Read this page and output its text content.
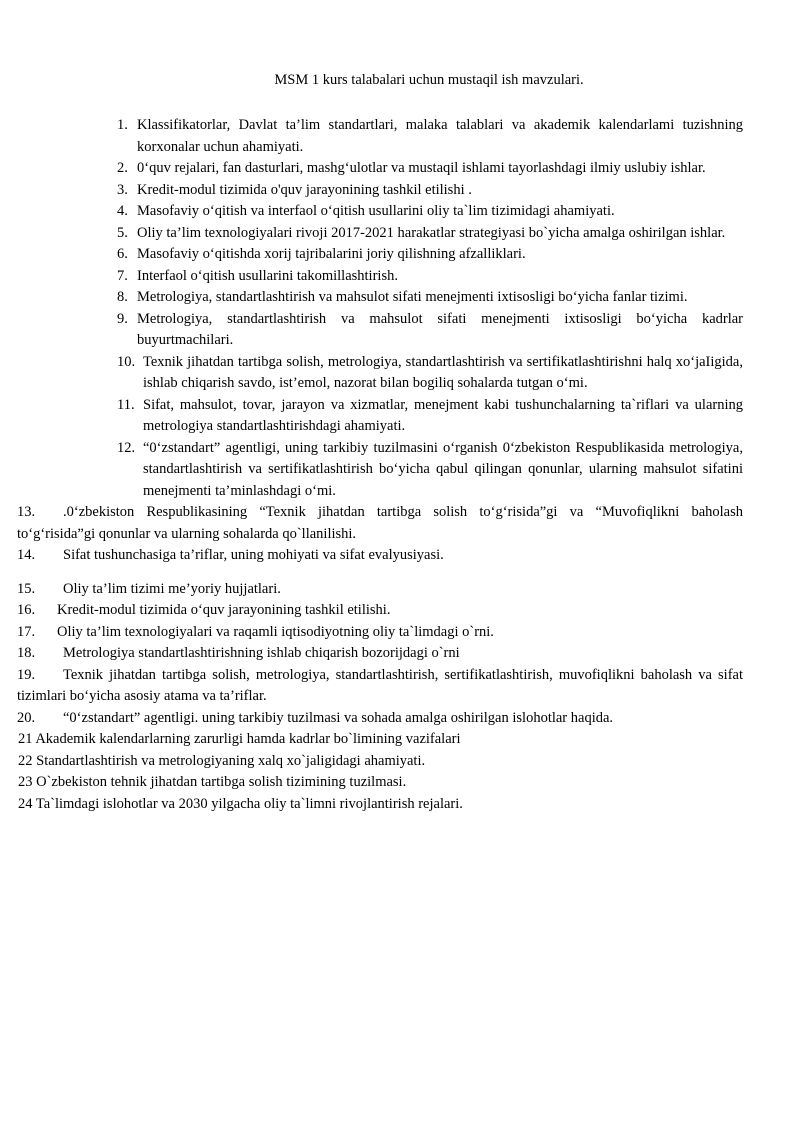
MSM 1 kurs talabalari uchun mustaqil ish mavzulari.
1. Klassifikatorlar, Davlat ta’lim standartlari, malaka talablari va akademik kalendarlami tuzishning korxonalar uchun ahamiyati.
2. 0‘quv rejalari, fan dasturlari, mashg‘ulotlar va mustaqil ishlami tayorlashdagi ilmiy uslubiy ishlar.
3. Kredit-modul tizimida o'quv jarayonining tashkil etilishi .
4. Masofaviy o‘qitish va interfaol o‘qitish usullarini oliy ta`lim tizimidagi ahamiyati.
5. Oliy ta’lim texnologiyalari rivoji 2017-2021 harakatlar strategiyasi bo`yicha amalga oshirilgan ishlar.
6. Masofaviy o‘qitishda xorij tajribalarini joriy qilishning afzalliklari.
7. Interfaol o‘qitish usullarini takomillashtirish.
8. Metrologiya, standartlashtirish va mahsulot sifati menejmenti ixtisosligi bo‘yicha fanlar tizimi.
9. Metrologiya, standartlashtirish va mahsulot sifati menejmenti ixtisosligi bo‘yicha kadrlar buyurtmachilari.
10. Texnik jihatdan tartibga solish, metrologiya, standartlashtirish va sertifikatlashtirishni halq xo‘jaIigida, ishlab chiqarish savdo, ist’emol, nazorat bilan bogiliq sohalarda tutgan o‘mi.
11. Sifat, mahsulot, tovar, jarayon va xizmatlar, menejment kabi tushunchalarning ta`riflari va ularning metrologiya standartlashtirishdagi ahamiyati.
12. “0‘zstandart” agentligi, uning tarkibiy tuzilmasini o‘rganish 0‘zbekiston Respublikasida metrologiya, standartlashtirish va sertifikatlashtirish bo‘yicha qabul qilingan qonunlar, ularning mahsulot sifatini menejmenti ta’minlashdagi o‘mi.
13. .0‘zbekiston Respublikasining “Texnik jihatdan tartibga solish to‘g‘risida”gi va “Muvofiqlikni baholash to‘g‘risida”gi qonunlar va ularning sohalarda qo`llanilishi.
14. Sifat tushunchasiga ta’riflar, uning mohiyati va sifat evalyusiyasi.
15. Oliy ta’lim tizimi me’yoriy hujjatlari.
16. Kredit-modul tizimida o‘quv jarayonining tashkil etilishi.
17. Oliy ta’lim texnologiyalari va raqamli iqtisodiyotning oliy ta`limdagi o`rni.
18. Metrologiya standartlashtirishning ishlab chiqarish bozorijdagi o`rni
19. Texnik jihatdan tartibga solish, metrologiya, standartlashtirish, sertifikatlashtirish, muvofiqlikni baholash va sifat tizimlari bo‘yicha asosiy atama va ta’riflar.
20. “0‘zstandart” agentligi. uning tarkibiy tuzilmasi va sohada amalga oshirilgan islohotlar haqida.
21 Akademik kalendarlarning zarurligi hamda kadrlar bo`limining vazifalari
22 Standartlashtirish va metrologiyaning xalq xo`jaligidagi ahamiyati.
23 O`zbekiston tehnik jihatdan tartibga solish tizimining tuzilmasi.
24 Ta`limdagi islohotlar va 2030 yilgacha oliy ta`limni rivojlantirish rejalari.
